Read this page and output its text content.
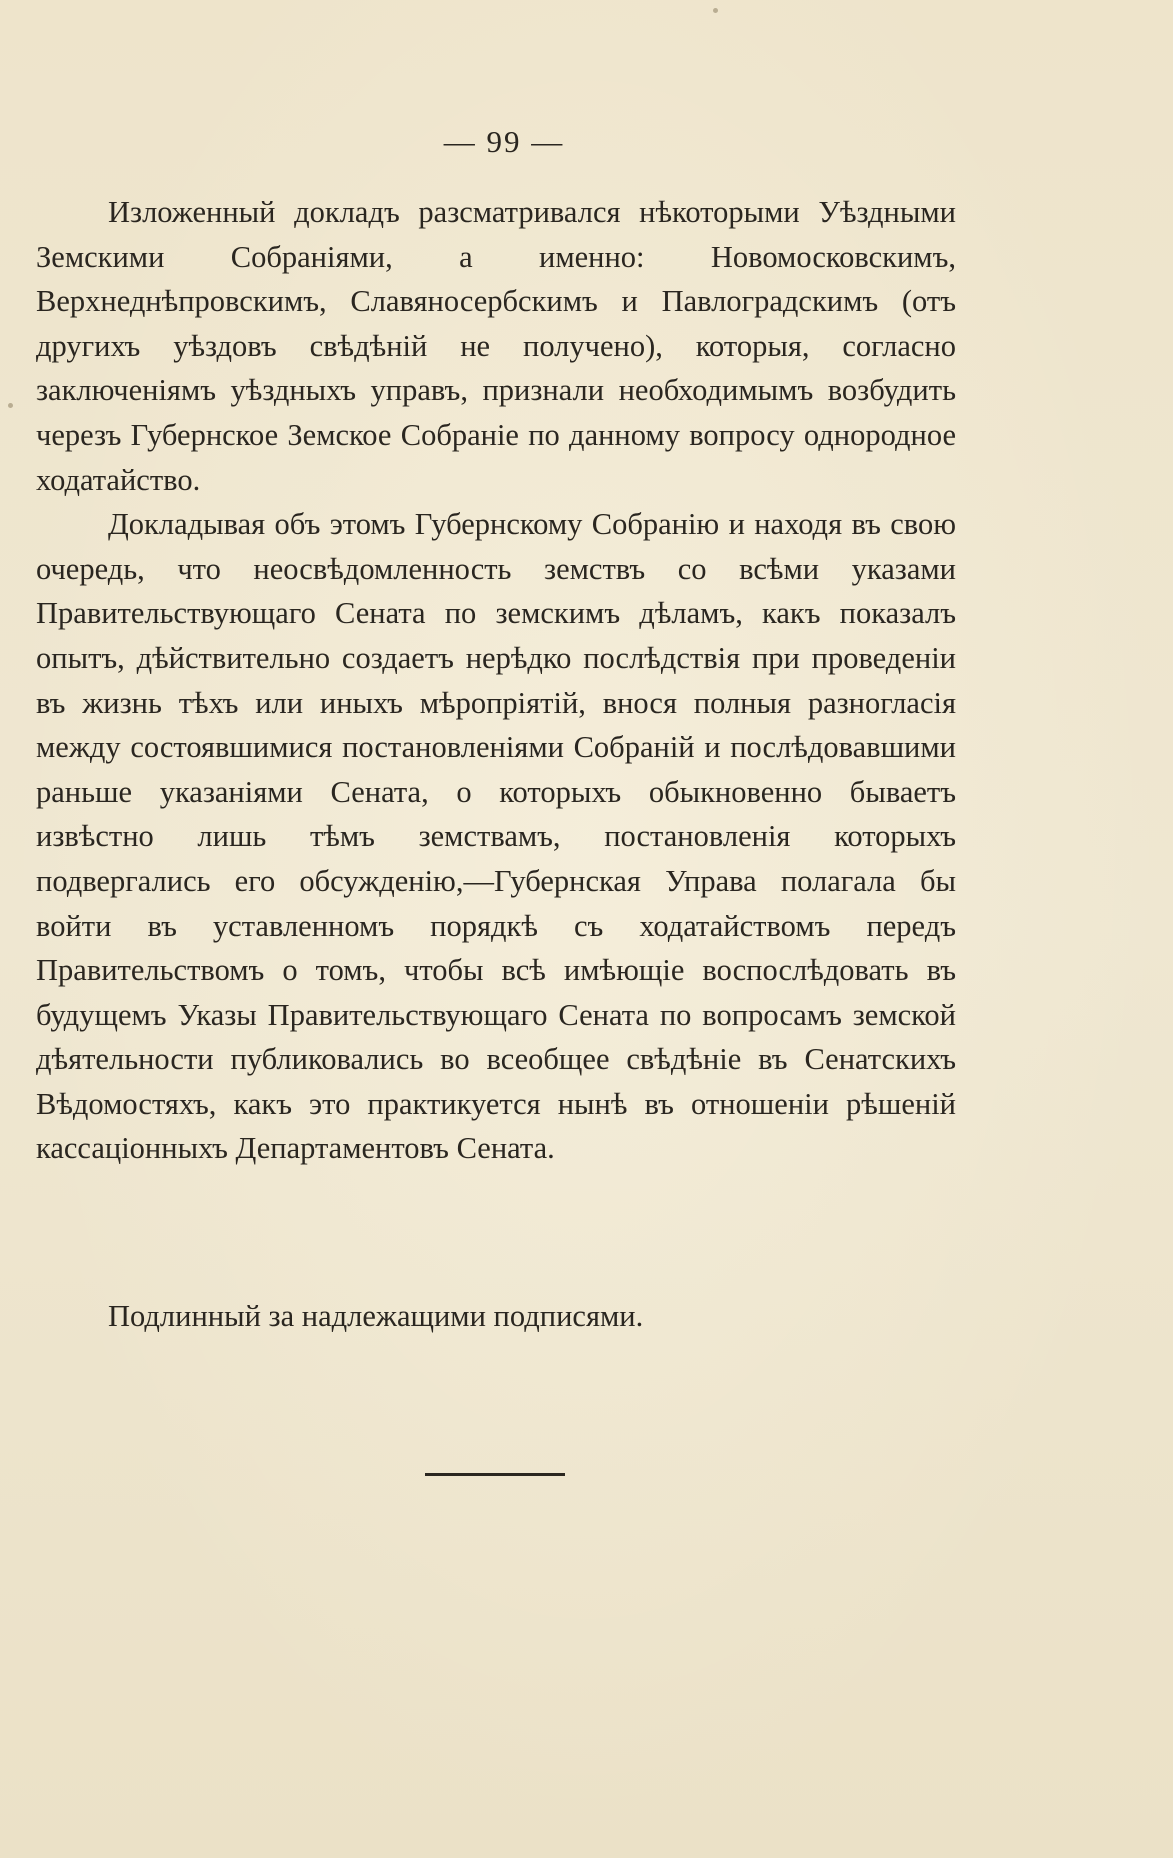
— 99 —

Изложенный докладъ разсматривался нѣкоторыми Уѣздными Земскими Собраніями, а именно: Новомосковскимъ, Верхнеднѣпровскимъ, Славяносербскимъ и Павлоградскимъ (отъ другихъ уѣздовъ свѣдѣній не получено), которыя, согласно заключеніямъ уѣздныхъ управъ, признали необходимымъ возбудить черезъ Губернское Земское Собраніе по данному вопросу однородное ходатайство.

Докладывая объ этомъ Губернскому Собранію и находя въ свою очередь, что неосвѣдомленность земствъ со всѣми указами Правительствующаго Сената по земскимъ дѣламъ, какъ показалъ опытъ, дѣйствительно создаетъ нерѣдко послѣдствія при проведеніи въ жизнь тѣхъ или иныхъ мѣропріятій, внося полныя разногласія между состоявшимися постановленіями Собраній и послѣдовавшими раньше указаніями Сената, о которыхъ обыкновенно бываетъ извѣстно лишь тѣмъ земствамъ, постановленія которыхъ подвергались его обсужденію,—Губернская Управа полагала бы войти въ уставленномъ порядкѣ съ ходатайствомъ передъ Правительствомъ о томъ, чтобы всѣ имѣющіе воспослѣдовать въ будущемъ Указы Правительствующаго Сената по вопросамъ земской дѣятельности публиковались во всеобщее свѣдѣніе въ Сенатскихъ Вѣдомостяхъ, какъ это практикуется нынѣ въ отношеніи рѣшеній кассаціонныхъ Департаментовъ Сената.

Подлинный за надлежащими подписями.
